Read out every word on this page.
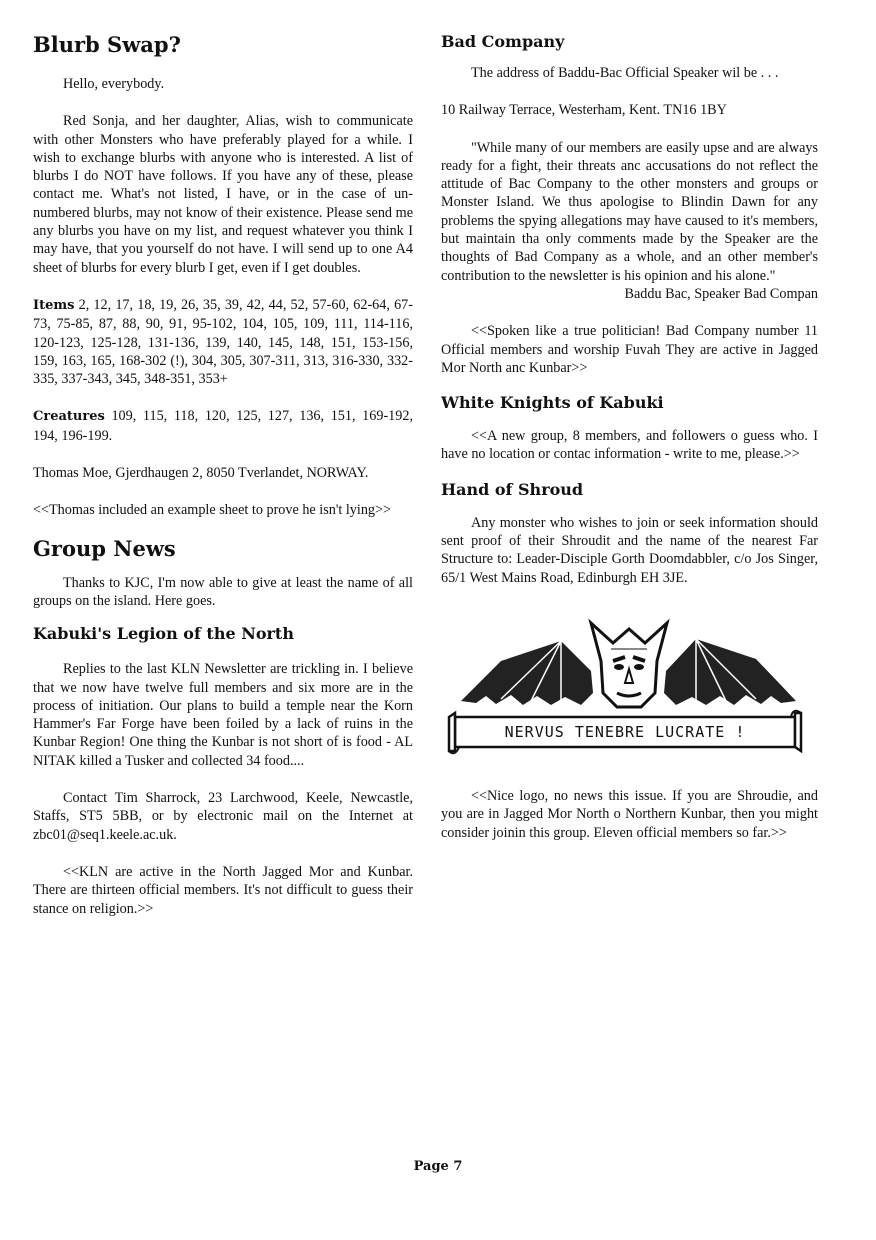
Blurb Swap?

Hello, everybody.

Red Sonja, and her daughter, Alias, wish to communicate with other Monsters who have preferably played for a while. I wish to exchange blurbs with anyone who is interested. A list of blurbs I do NOT have follows. If you have any of these, please contact me. What's not listed, I have, or in the case of un-numbered blurbs, may not know of their existence. Please send me any blurbs you have on my list, and request whatever you think I may have, that you yourself do not have. I will send up to one A4 sheet of blurbs for every blurb I get, even if I get doubles.

Items 2, 12, 17, 18, 19, 26, 35, 39, 42, 44, 52, 57-60, 62-64, 67-73, 75-85, 87, 88, 90, 91, 95-102, 104, 105, 109, 111, 114-116, 120-123, 125-128, 131-136, 139, 140, 145, 148, 151, 153-156, 159, 163, 165, 168-302 (!), 304, 305, 307-311, 313, 316-330, 332-335, 337-343, 345, 348-351, 353+

Creatures 109, 115, 118, 120, 125, 127, 136, 151, 169-192, 194, 196-199.

Thomas Moe, Gjerdhaugen 2, 8050 Tverlandet, NORWAY.

<<Thomas included an example sheet to prove he isn't lying>>

Group News

Thanks to KJC, I'm now able to give at least the name of all groups on the island. Here goes.

Kabuki's Legion of the North

Replies to the last KLN Newsletter are trickling in. I believe that we now have twelve full members and six more are in the process of initiation. Our plans to build a temple near the Korn Hammer's Far Forge have been foiled by a lack of ruins in the Kunbar Region! One thing the Kunbar is not short of is food - AL NITAK killed a Tusker and collected 34 food....

Contact Tim Sharrock, 23 Larchwood, Keele, Newcastle, Staffs, ST5 5BB, or by electronic mail on the Internet at zbc01@seq1.keele.ac.uk.

<<KLN are active in the North Jagged Mor and Kunbar. There are thirteen official members. It's not difficult to guess their stance on religion.>>

Bad Company

The address of Baddu-Bac Official Speaker wil be . . .

10 Railway Terrace, Westerham, Kent. TN16 1BY

"While many of our members are easily upse and are always ready for a fight, their threats anc accusations do not reflect the attitude of Bac Company to the other monsters and groups or Monster Island. We thus apologise to Blindin Dawn for any problems the spying allegations may have caused to it's members, but maintain tha only comments made by the Speaker are the thoughts of Bad Company as a whole, and an other member's contribution to the newsletter is his opinion and his alone."

Baddu Bac, Speaker Bad Compan

<<Spoken like a true politician! Bad Company number 11 Official members and worship Fuvah They are active in Jagged Mor North anc Kunbar>>

White Knights of Kabuki

<<A new group, 8 members, and followers o guess who. I have no location or contac information - write to me, please.>>

Hand of Shroud

Any monster who wishes to join or seek information should sent proof of their Shroudit and the name of the nearest Far Structure to: Leader-Disciple Gorth Doomdabbler, c/o Jos Singer, 65/1 West Mains Road, Edinburgh EH 3JE.

NERVUS TENEBRE LUCRATE !

<<Nice logo, no news this issue. If you are Shroudie, and you are in Jagged Mor North o Northern Kunbar, then you might consider joinin this group. Eleven official members so far.>>

Page 7
